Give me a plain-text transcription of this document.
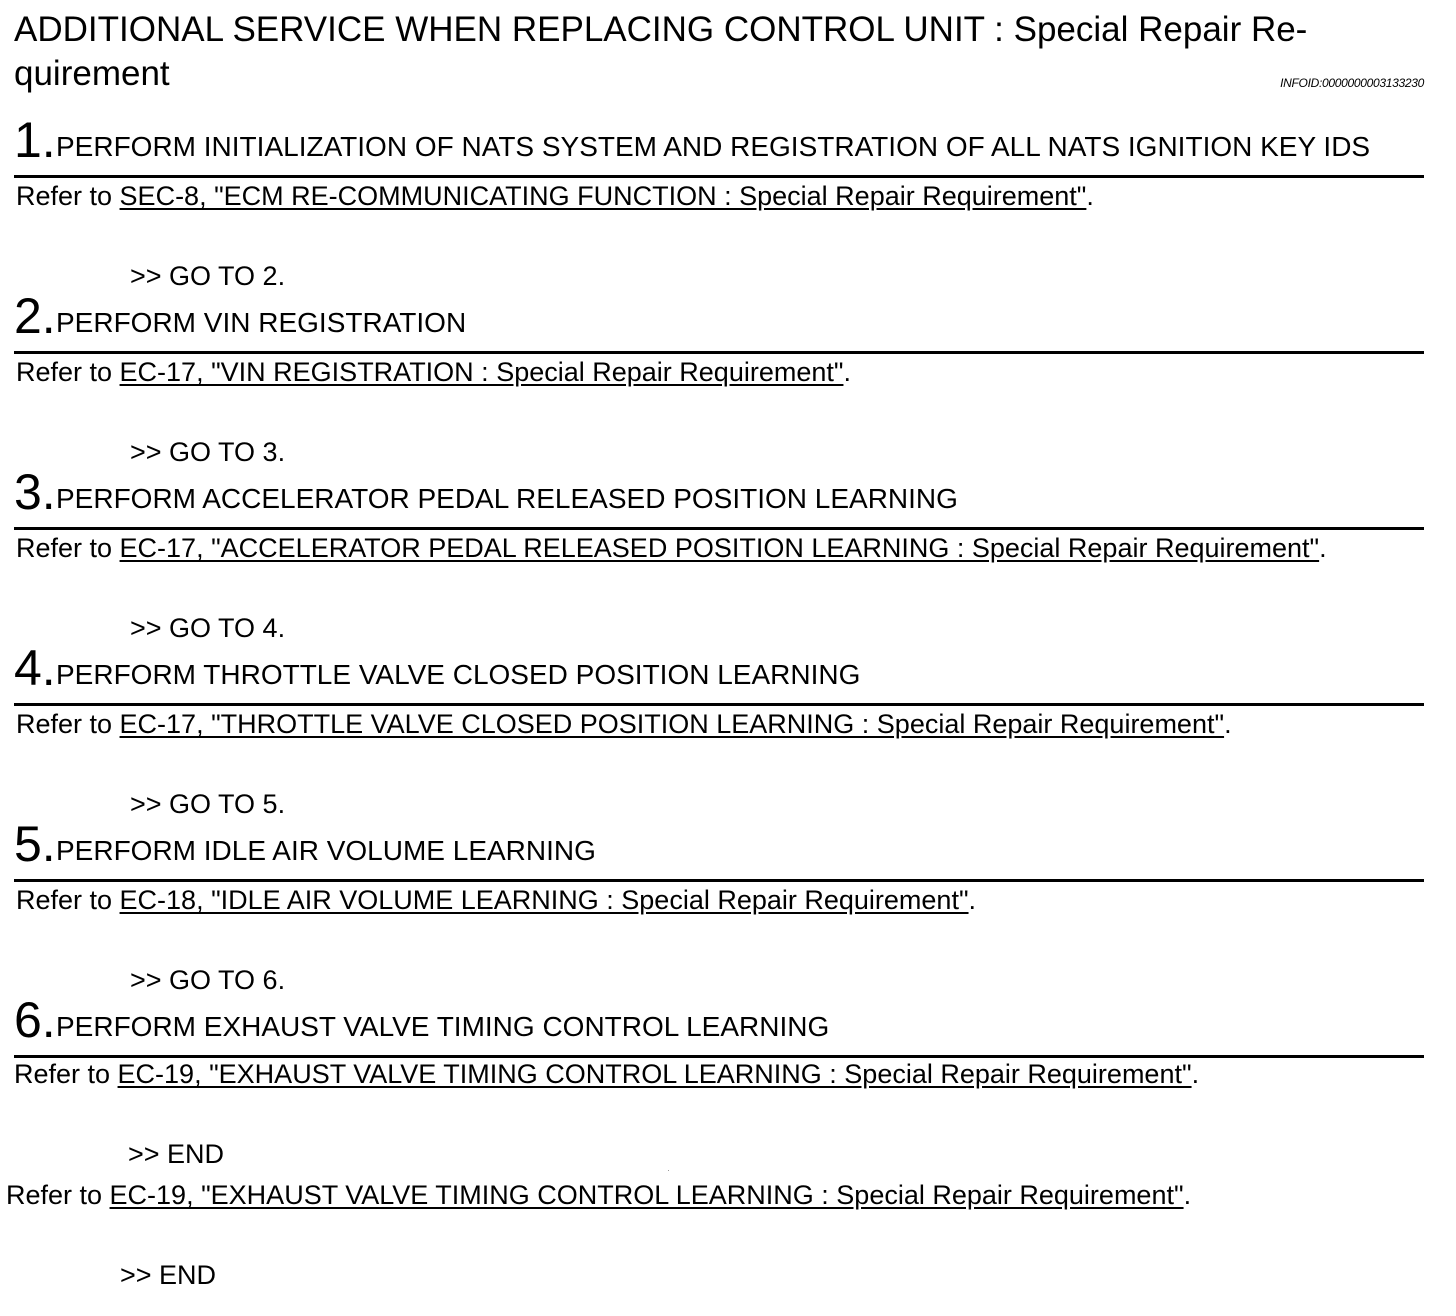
ADDITIONAL SERVICE WHEN REPLACING CONTROL UNIT : Special Repair Re-quirement	INFOID:0000000003133230
1. PERFORM INITIALIZATION OF NATS SYSTEM AND REGISTRATION OF ALL NATS IGNITION KEY IDS
Refer to SEC-8, "ECM RE-COMMUNICATING FUNCTION : Special Repair Requirement".
>> GO TO 2.
2. PERFORM VIN REGISTRATION
Refer to EC-17, "VIN REGISTRATION : Special Repair Requirement".
>> GO TO 3.
3. PERFORM ACCELERATOR PEDAL RELEASED POSITION LEARNING
Refer to EC-17, "ACCELERATOR PEDAL RELEASED POSITION LEARNING : Special Repair Requirement".
>> GO TO 4.
4. PERFORM THROTTLE VALVE CLOSED POSITION LEARNING
Refer to EC-17, "THROTTLE VALVE CLOSED POSITION LEARNING : Special Repair Requirement".
>> GO TO 5.
5. PERFORM IDLE AIR VOLUME LEARNING
Refer to EC-18, "IDLE AIR VOLUME LEARNING : Special Repair Requirement".
>> GO TO 6.
6. PERFORM EXHAUST VALVE TIMING CONTROL LEARNING
Refer to EC-19, "EXHAUST VALVE TIMING CONTROL LEARNING : Special Repair Requirement".
>> END
Refer to EC-19, "EXHAUST VALVE TIMING CONTROL LEARNING : Special Repair Requirement".
>> END
